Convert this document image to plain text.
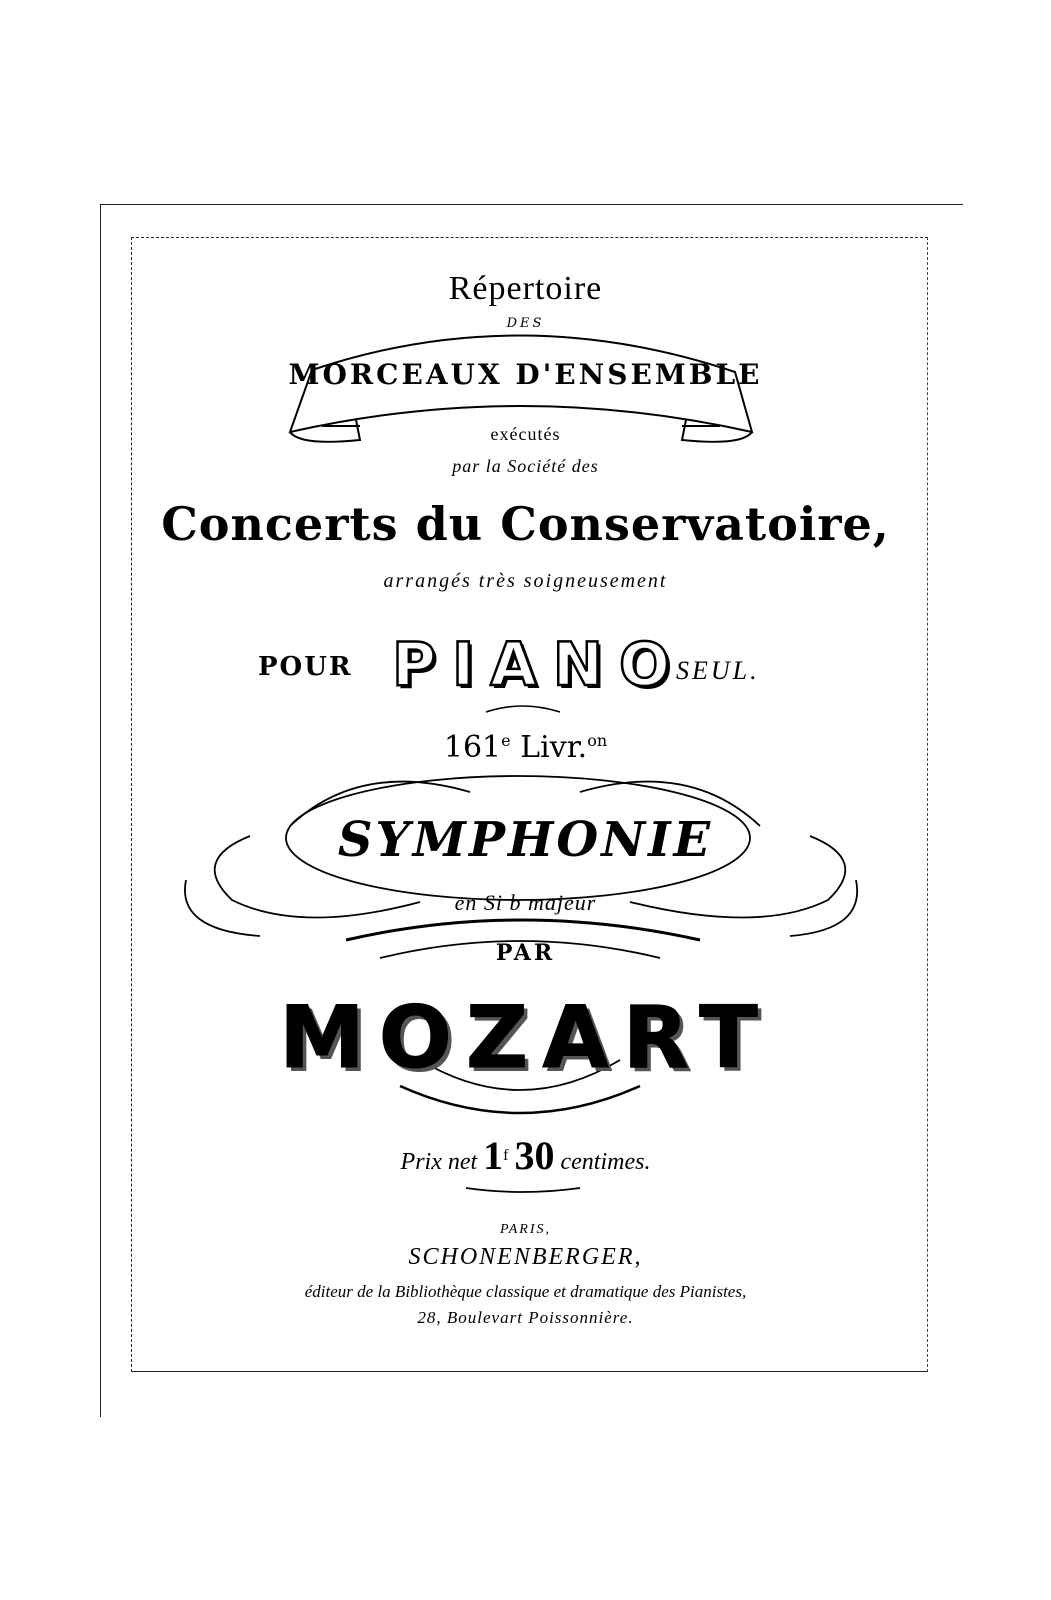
Répertoire
DES
MORCEAUX D'ENSEMBLE
exécutés
par la Société des
Concerts du Conservatoire,
arrangés très soigneusement
POUR PIANO
SEUL.
161e Livr.$^{on}$
SYMPHONIE
en Si b majeur
PAR
MOZART
Prix net 1$^f$ 30 centimes.
PARIS,
SCHONENBERGER,
éditeur de la Bibliothèque classique et dramatique des Pianistes,
28, Boulevart Poissonnière.
